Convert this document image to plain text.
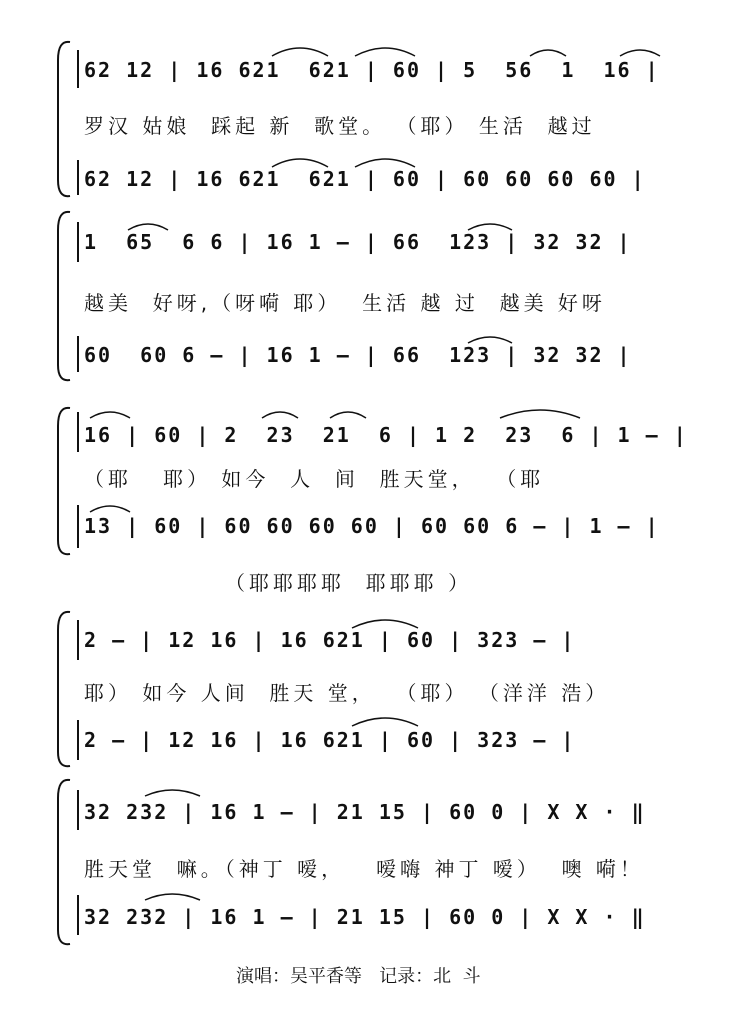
62 12 | 16 621  621 | 60 | 5  56  1  16 |
罗汉 姑娘  踩起 新  歌堂。 （耶） 生活  越过
62 12 | 16 621  621 | 60 | 60 60 60 60 |
1  65  6 6 | 16 1 – | 66  123 | 32 32 |
越美  好呀,（呀嗬 耶）  生活 越 过  越美 好呀
60  60 6 – | 16 1 – | 66  123 | 32 32 |
16 | 60 | 2  23  21  6 | 1 2  23  6 | 1 – |
（耶   耶） 如今  人  间  胜天堂，  （耶
13 | 60 | 60 60 60 60 | 60 60 6 – | 1 – |
（耶耶耶耶  耶耶耶 ）
2 – | 12 16 | 16 621 | 60 | 323 – |
耶） 如今 人间  胜天 堂，  （耶） （洋洋 浩）
2 – | 12 16 | 16 621 | 60 | 323 – |
32 232 | 16 1 – | 21 15 | 60 0 | X X · ‖
胜天堂  嘛。（神丁 嗳，   嗳嗨 神丁 嗳）  噢 嗬！
32 232 | 16 1 – | 21 15 | 60 0 | X X · ‖
演唱：吴平香等   记录：北  斗
